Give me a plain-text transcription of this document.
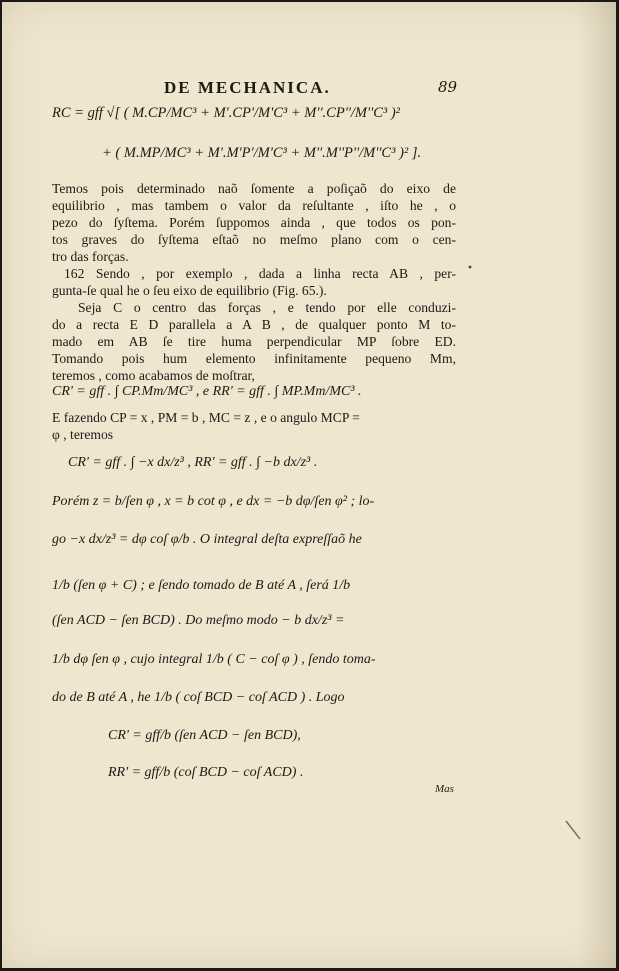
DE MECHANICA.	89
RC = gff √[ ( M.CP/MC³ + M'.CP'/M'C³ + M''.CP''/M''C³ )²
+ ( M.MP/MC³ + M'.M'P'/M'C³ + M''.M''P''/M''C³ )² ].
Temos pois determinado naõ ſomente a poſiçaõ do eixo de
equilibrio , mas tambem o valor da reſultante , iſto he , o
pezo do ſyſtema. Porém ſuppomos ainda , que todos os pon-
tos graves do ſyſtema eſtaõ no meſmo plano com o cen-
tro das forças.
162 Sendo , por exemplo , dada a linha recta AB , per-
gunta-ſe qual he o ſeu eixo de equilibrio (Fig. 65.).
Seja C o centro das forças , e tendo por elle conduzi-
do a recta E D parallela a A B , de qualquer ponto M to-
mado em AB ſe tire huma perpendicular MP ſobre ED.
Tomando pois hum elemento infinitamente pequeno Mm,
teremos , como acabamos de moſtrar,
CR' = gff . ∫ CP.Mm/MC³ , e RR' = gff . ∫ MP.Mm/MC³ .
E fazendo CP = x , PM = b , MC = z , e o angulo MCP =
φ , teremos
CR' = gff . ∫ −x dx/z³ , RR' = gff . ∫ −b dx/z³ .
Porém z = b/ſen φ , x = b cot φ , e dx = −b dφ/ſen φ² ; lo-
go −x dx/z³ = dφ coſ φ/b . O integral deſta expreſſaõ he
1/b (ſen φ + C) ; e ſendo tomado de B até A , ſerá 1/b
(ſen ACD − ſen BCD) . Do meſmo modo − b dx/z³ =
1/b dφ ſen φ , cujo integral 1/b ( C − coſ φ ) , ſendo toma-
do de B até A , he 1/b ( coſ BCD − coſ ACD ) . Logo
CR' = gff/b (ſen ACD − ſen BCD),
RR' = gff/b (coſ BCD − coſ ACD) .
Mas
